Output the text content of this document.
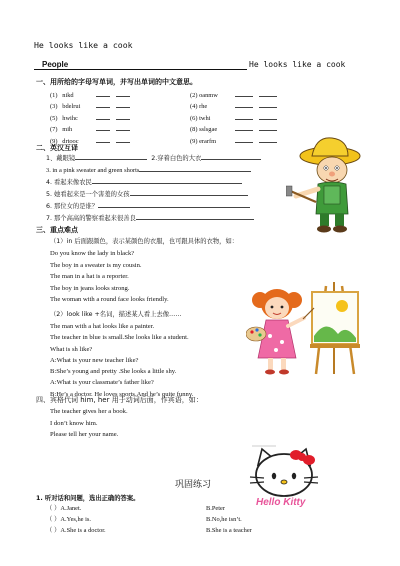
He looks like a cook
People	He looks like a cook
一、用所给的字母写单词，并写出单词的中文意思。
(1) nikd
(3) bdelrui
(5) hwihc
(7) mih
(9) drtooc
(2) oanmw
(4) rhe
(6) twhi
(8) sslsgae
(9) erarfm
二、英汉互译
1、戴眼镜	2.穿着白色的大衣
3. in a pink sweater and green shorts
4. 看起来像农民
5. 她看起来是一个害羞的女孩
6. 那位女的是谁？
7. 那个高高的警察看起来很善良
三、重点难点
（1）in 后面跟颜色，表示某颜色的衣服，也可跟具体的衣物，如：
Do you know the lady in black?
The boy in a sweater is my cousin.
The man in a hat is a reporter.
The boy in jeans looks strong.
The woman with a round face looks friendly.
（2）look like +名词，描述某人看上去像……
The man with a hat looks like a painter.
The teacher in blue is small.She looks like a student.
What is sh like?
A:What is your new teacher like?
B:She’s young and pretty .She looks a little shy.
A:What is your classmate’s father like?
B:He’s a doctor. He loves sports.And he’s quite funny.
四、宾格代词 him, her 用于动词后面，作宾语，如：
The teacher gives her a book.
I don’t know him.
Please tell her your name.
Hello Kitty
巩固练习
1. 听对话和问题，选出正确的答案。
（ ）A.Janet.
（ ）A.Yes,he is.
（ ）A.She is a doctor.
B.Peter
B.No,he isn’t.
B.She is a teacher
